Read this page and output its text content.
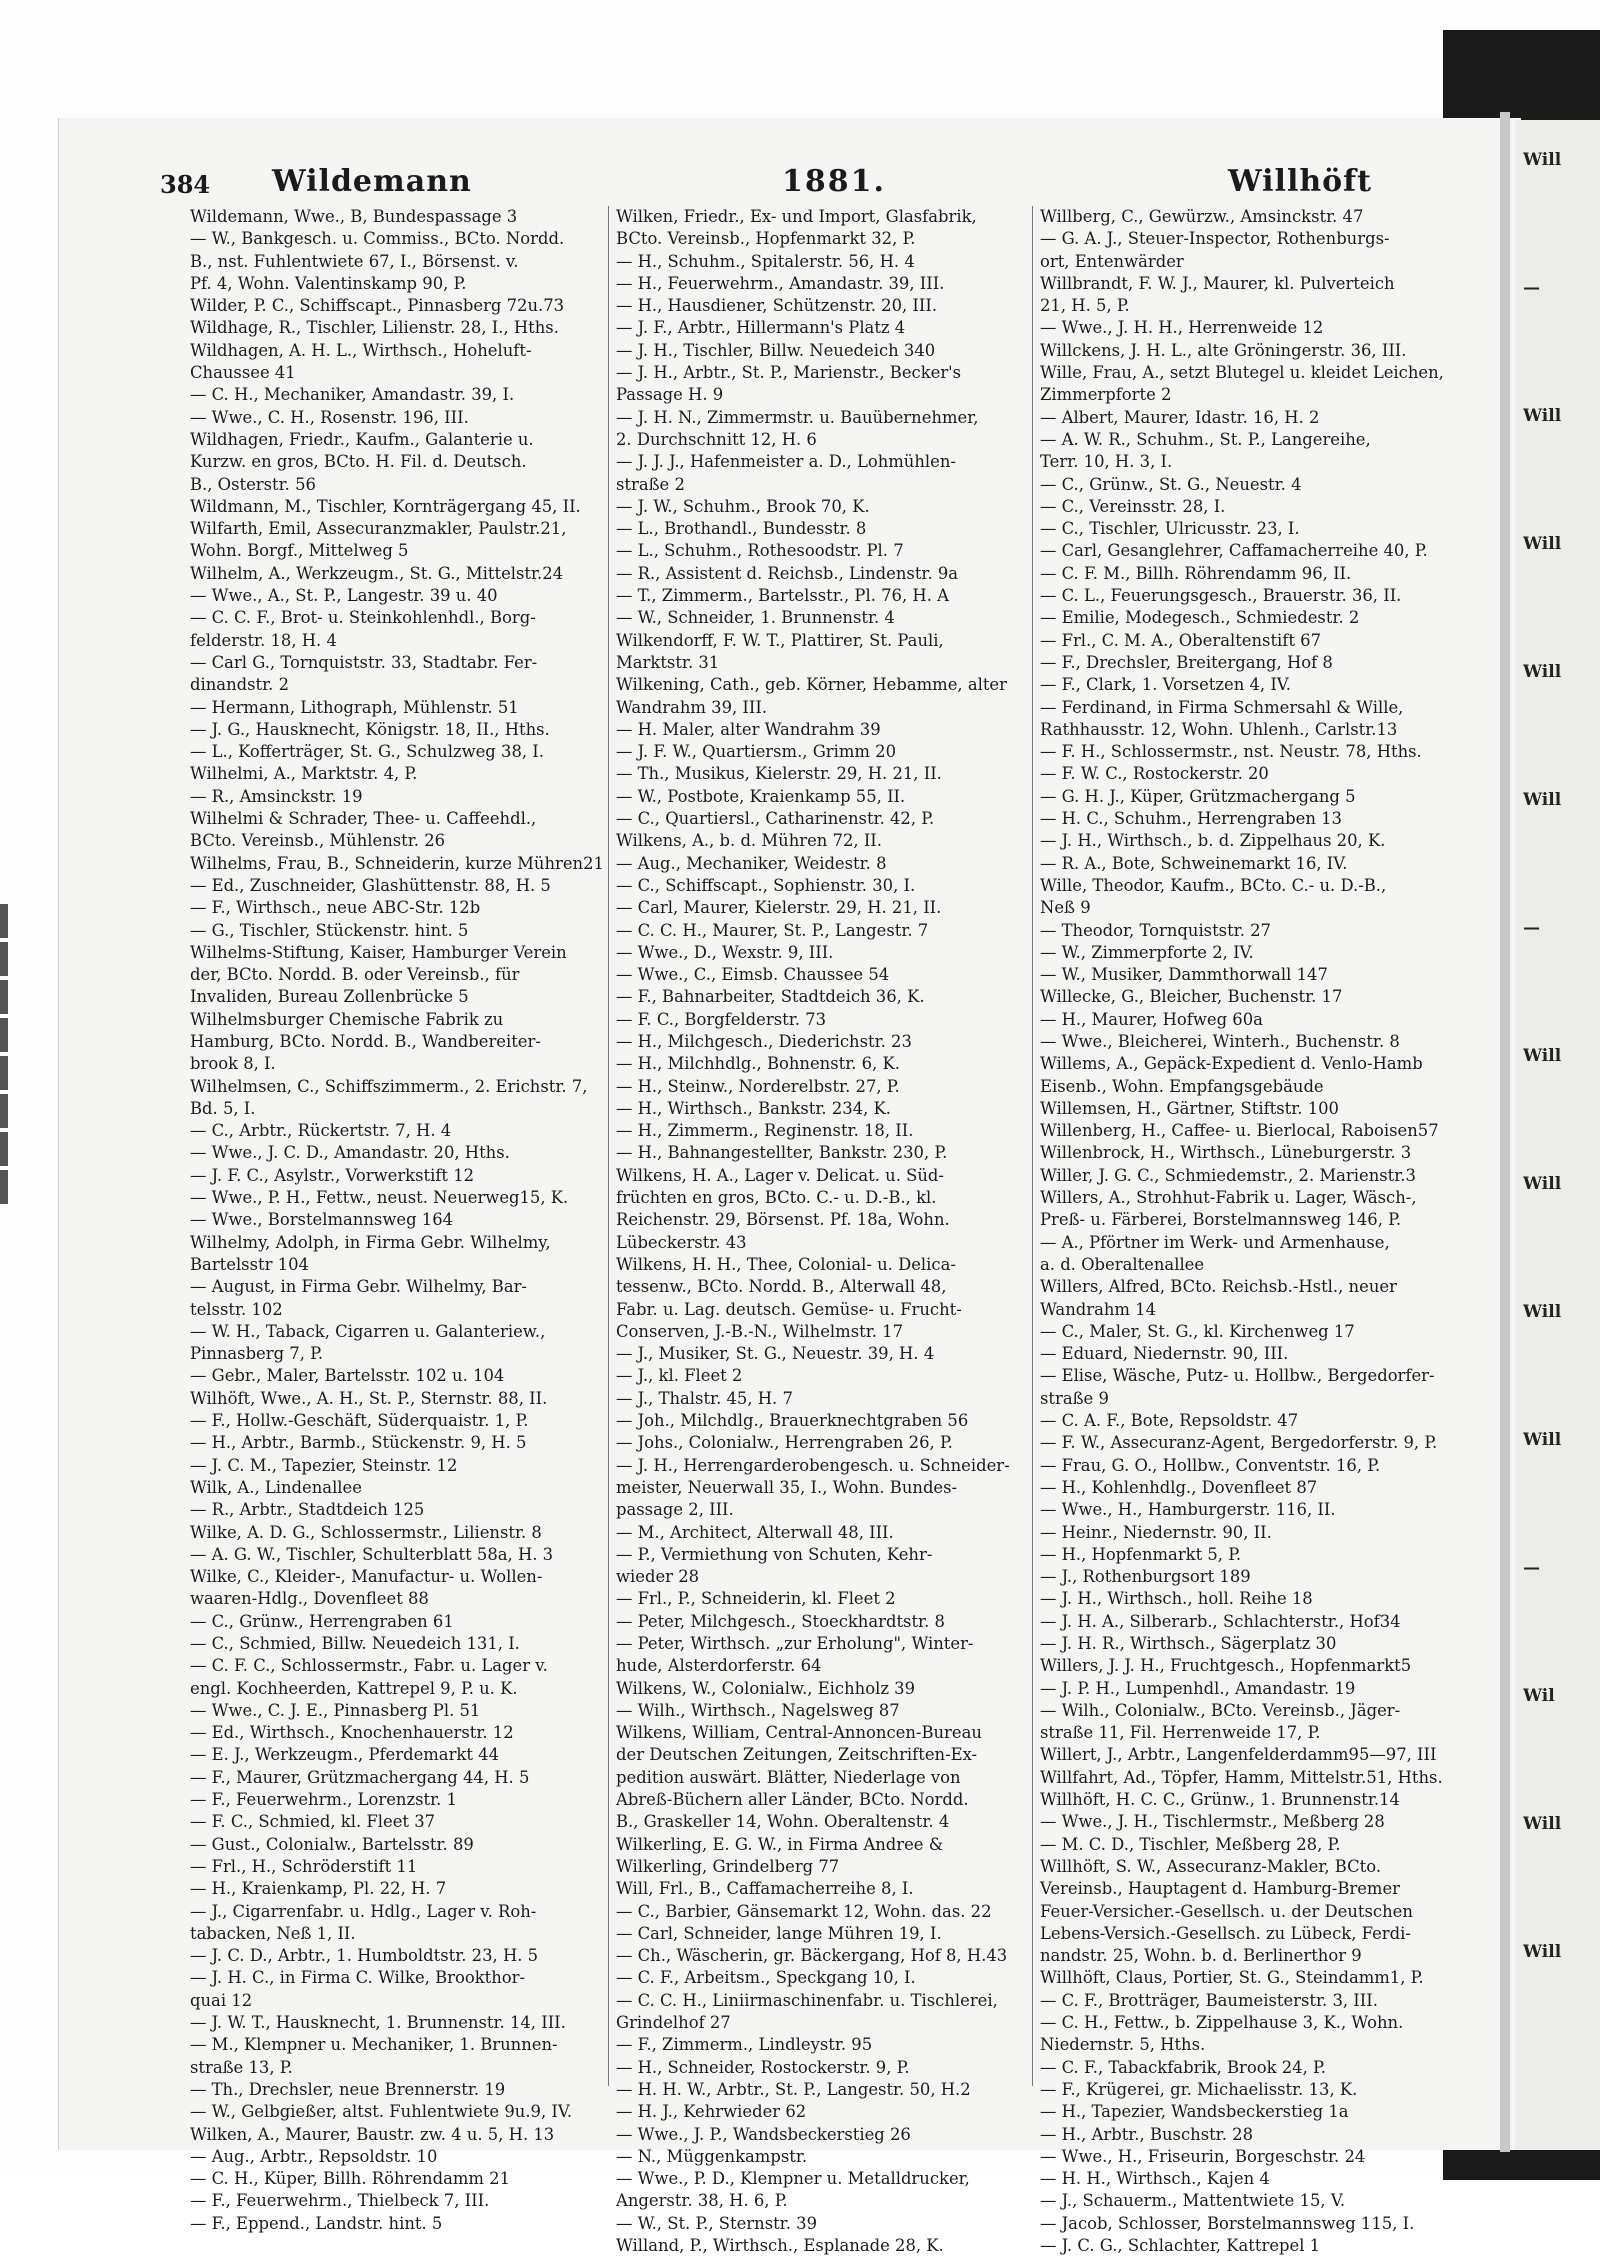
Will
—
Will
Will
Will
Will
—
Will
Will
Will
Will
—
Wil
Will
Will
384 Wildemann	1881.	Willhöft
Wildemann, Wwe., B, Bundespassage 3
— W., Bankgesch. u. Commiss., BCto. Nordd.
B., nst. Fuhlentwiete 67, I., Börsenst. v.
Pf. 4, Wohn. Valentinskamp 90, P.
Wilder, P. C., Schiffscapt., Pinnasberg 72u.73
Wildhage, R., Tischler, Lilienstr. 28, I., Hths.
Wildhagen, A. H. L., Wirthsch., Hoheluft-
Chaussee 41
— C. H., Mechaniker, Amandastr. 39, I.
— Wwe., C. H., Rosenstr. 196, III.
Wildhagen, Friedr., Kaufm., Galanterie u.
Kurzw. en gros, BCto. H. Fil. d. Deutsch.
B., Osterstr. 56
Wildmann, M., Tischler, Kornträgergang 45, II.
Wilfarth, Emil, Assecuranzmakler, Paulstr.21,
Wohn. Borgf., Mittelweg 5
Wilhelm, A., Werkzeugm., St. G., Mittelstr.24
— Wwe., A., St. P., Langestr. 39 u. 40
— C. C. F., Brot- u. Steinkohlenhdl., Borg-
felderstr. 18, H. 4
— Carl G., Tornquiststr. 33, Stadtabr. Fer-
dinandstr. 2
— Hermann, Lithograph, Mühlenstr. 51
— J. G., Hausknecht, Königstr. 18, II., Hths.
— L., Kofferträger, St. G., Schulzweg 38, I.
Wilhelmi, A., Marktstr. 4, P.
— R., Amsinckstr. 19
Wilhelmi & Schrader, Thee- u. Caffeehdl.,
BCto. Vereinsb., Mühlenstr. 26
Wilhelms, Frau, B., Schneiderin, kurze Mühren21
— Ed., Zuschneider, Glashüttenstr. 88, H. 5
— F., Wirthsch., neue ABC-Str. 12b
— G., Tischler, Stückenstr. hint. 5
Wilhelms-Stiftung, Kaiser, Hamburger Verein
der, BCto. Nordd. B. oder Vereinsb., für
Invaliden, Bureau Zollenbrücke 5
Wilhelmsburger Chemische Fabrik zu
Hamburg, BCto. Nordd. B., Wandbereiter-
brook 8, I.
Wilhelmsen, C., Schiffszimmerm., 2. Erichstr. 7,
Bd. 5, I.
— C., Arbtr., Rückertstr. 7, H. 4
— Wwe., J. C. D., Amandastr. 20, Hths.
— J. F. C., Asylstr., Vorwerkstift 12
— Wwe., P. H., Fettw., neust. Neuerweg15, K.
— Wwe., Borstelmannsweg 164
Wilhelmy, Adolph, in Firma Gebr. Wilhelmy,
Bartelsstr 104
— August, in Firma Gebr. Wilhelmy, Bar-
telsstr. 102
— W. H., Taback, Cigarren u. Galanteriew.,
Pinnasberg 7, P.
— Gebr., Maler, Bartelsstr. 102 u. 104
Wilhöft, Wwe., A. H., St. P., Sternstr. 88, II.
— F., Hollw.-Geschäft, Süderquaistr. 1, P.
— H., Arbtr., Barmb., Stückenstr. 9, H. 5
— J. C. M., Tapezier, Steinstr. 12
Wilk, A., Lindenallee
— R., Arbtr., Stadtdeich 125
Wilke, A. D. G., Schlossermstr., Lilienstr. 8
— A. G. W., Tischler, Schulterblatt 58a, H. 3
Wilke, C., Kleider-, Manufactur- u. Wollen-
waaren-Hdlg., Dovenfleet 88
— C., Grünw., Herrengraben 61
— C., Schmied, Billw. Neuedeich 131, I.
— C. F. C., Schlossermstr., Fabr. u. Lager v.
engl. Kochheerden, Kattrepel 9, P. u. K.
— Wwe., C. J. E., Pinnasberg Pl. 51
— Ed., Wirthsch., Knochenhauerstr. 12
— E. J., Werkzeugm., Pferdemarkt 44
— F., Maurer, Grützmachergang 44, H. 5
— F., Feuerwehrm., Lorenzstr. 1
— F. C., Schmied, kl. Fleet 37
— Gust., Colonialw., Bartelsstr. 89
— Frl., H., Schröderstift 11
— H., Kraienkamp, Pl. 22, H. 7
— J., Cigarrenfabr. u. Hdlg., Lager v. Roh-
tabacken, Neß 1, II.
— J. C. D., Arbtr., 1. Humboldtstr. 23, H. 5
— J. H. C., in Firma C. Wilke, Brookthor-
quai 12
— J. W. T., Hausknecht, 1. Brunnenstr. 14, III.
— M., Klempner u. Mechaniker, 1. Brunnen-
straße 13, P.
— Th., Drechsler, neue Brennerstr. 19
— W., Gelbgießer, altst. Fuhlentwiete 9u.9, IV.
Wilken, A., Maurer, Baustr. zw. 4 u. 5, H. 13
— Aug., Arbtr., Repsoldstr. 10
— C. H., Küper, Billh. Röhrendamm 21
— F., Feuerwehrm., Thielbeck 7, III.
— F., Eppend., Landstr. hint. 5
Wilken, Friedr., Ex- und Import, Glasfabrik,
BCto. Vereinsb., Hopfenmarkt 32, P.
— H., Schuhm., Spitalerstr. 56, H. 4
— H., Feuerwehrm., Amandastr. 39, III.
— H., Hausdiener, Schützenstr. 20, III.
— J. F., Arbtr., Hillermann's Platz 4
— J. H., Tischler, Billw. Neuedeich 340
— J. H., Arbtr., St. P., Marienstr., Becker's
Passage H. 9
— J. H. N., Zimmermstr. u. Bauübernehmer,
2. Durchschnitt 12, H. 6
— J. J. J., Hafenmeister a. D., Lohmühlen-
straße 2
— J. W., Schuhm., Brook 70, K.
— L., Brothandl., Bundesstr. 8
— L., Schuhm., Rothesoodstr. Pl. 7
— R., Assistent d. Reichsb., Lindenstr. 9a
— T., Zimmerm., Bartelsstr., Pl. 76, H. A
— W., Schneider, 1. Brunnenstr. 4
Wilkendorff, F. W. T., Plattirer, St. Pauli,
Marktstr. 31
Wilkening, Cath., geb. Körner, Hebamme, alter
Wandrahm 39, III.
— H. Maler, alter Wandrahm 39
— J. F. W., Quartiersm., Grimm 20
— Th., Musikus, Kielerstr. 29, H. 21, II.
— W., Postbote, Kraienkamp 55, II.
— C., Quartiersl., Catharinenstr. 42, P.
Wilkens, A., b. d. Mühren 72, II.
— Aug., Mechaniker, Weidestr. 8
— C., Schiffscapt., Sophienstr. 30, I.
— Carl, Maurer, Kielerstr. 29, H. 21, II.
— C. C. H., Maurer, St. P., Langestr. 7
— Wwe., D., Wexstr. 9, III.
— Wwe., C., Eimsb. Chaussee 54
— F., Bahnarbeiter, Stadtdeich 36, K.
— F. C., Borgfelderstr. 73
— H., Milchgesch., Diederichstr. 23
— H., Milchhdlg., Bohnenstr. 6, K.
— H., Steinw., Norderelbstr. 27, P.
— H., Wirthsch., Bankstr. 234, K.
— H., Zimmerm., Reginenstr. 18, II.
— H., Bahnangestellter, Bankstr. 230, P.
Wilkens, H. A., Lager v. Delicat. u. Süd-
früchten en gros, BCto. C.- u. D.-B., kl.
Reichenstr. 29, Börsenst. Pf. 18a, Wohn.
Lübeckerstr. 43
Wilkens, H. H., Thee, Colonial- u. Delica-
tessenw., BCto. Nordd. B., Alterwall 48,
Fabr. u. Lag. deutsch. Gemüse- u. Frucht-
Conserven, J.-B.-N., Wilhelmstr. 17
— J., Musiker, St. G., Neuestr. 39, H. 4
— J., kl. Fleet 2
— J., Thalstr. 45, H. 7
— Joh., Milchdlg., Brauerknechtgraben 56
— Johs., Colonialw., Herrengraben 26, P.
— J. H., Herrengarderobengesch. u. Schneider-
meister, Neuerwall 35, I., Wohn. Bundes-
passage 2, III.
— M., Architect, Alterwall 48, III.
— P., Vermiethung von Schuten, Kehr-
wieder 28
— Frl., P., Schneiderin, kl. Fleet 2
— Peter, Milchgesch., Stoeckhardtstr. 8
— Peter, Wirthsch. „zur Erholung", Winter-
hude, Alsterdorferstr. 64
Wilkens, W., Colonialw., Eichholz 39
— Wilh., Wirthsch., Nagelsweg 87
Wilkens, William, Central-Annoncen-Bureau
der Deutschen Zeitungen, Zeitschriften-Ex-
pedition auswärt. Blätter, Niederlage von
Abreß-Büchern aller Länder, BCto. Nordd.
B., Graskeller 14, Wohn. Oberaltenstr. 4
Wilkerling, E. G. W., in Firma Andree &
Wilkerling, Grindelberg 77
Will, Frl., B., Caffamacherreihe 8, I.
— C., Barbier, Gänsemarkt 12, Wohn. das. 22
— Carl, Schneider, lange Mühren 19, I.
— Ch., Wäscherin, gr. Bäckergang, Hof 8, H.43
— C. F., Arbeitsm., Speckgang 10, I.
— C. C. H., Liniirmaschinenfabr. u. Tischlerei,
Grindelhof 27
— F., Zimmerm., Lindleystr. 95
— H., Schneider, Rostockerstr. 9, P.
— H. H. W., Arbtr., St. P., Langestr. 50, H.2
— H. J., Kehrwieder 62
— Wwe., J. P., Wandsbeckerstieg 26
— N., Müggenkampstr.
— Wwe., P. D., Klempner u. Metalldrucker,
Angerstr. 38, H. 6, P.
— W., St. P., Sternstr. 39
Willand, P., Wirthsch., Esplanade 28, K.
Willberg, C., Gewürzw., Amsinckstr. 47
— G. A. J., Steuer-Inspector, Rothenburgs-
ort, Entenwärder
Willbrandt, F. W. J., Maurer, kl. Pulverteich
21, H. 5, P.
— Wwe., J. H. H., Herrenweide 12
Willckens, J. H. L., alte Gröningerstr. 36, III.
Wille, Frau, A., setzt Blutegel u. kleidet Leichen,
Zimmerpforte 2
— Albert, Maurer, Idastr. 16, H. 2
— A. W. R., Schuhm., St. P., Langereihe,
Terr. 10, H. 3, I.
— C., Grünw., St. G., Neuestr. 4
— C., Vereinsstr. 28, I.
— C., Tischler, Ulricusstr. 23, I.
— Carl, Gesanglehrer, Caffamacherreihe 40, P.
— C. F. M., Billh. Röhrendamm 96, II.
— C. L., Feuerungsgesch., Brauerstr. 36, II.
— Emilie, Modegesch., Schmiedestr. 2
— Frl., C. M. A., Oberaltenstift 67
— F., Drechsler, Breitergang, Hof 8
— F., Clark, 1. Vorsetzen 4, IV.
— Ferdinand, in Firma Schmersahl & Wille,
Rathhausstr. 12, Wohn. Uhlenh., Carlstr.13
— F. H., Schlossermstr., nst. Neustr. 78, Hths.
— F. W. C., Rostockerstr. 20
— G. H. J., Küper, Grützmachergang 5
— H. C., Schuhm., Herrengraben 13
— J. H., Wirthsch., b. d. Zippelhaus 20, K.
— R. A., Bote, Schweinemarkt 16, IV.
Wille, Theodor, Kaufm., BCto. C.- u. D.-B.,
Neß 9
— Theodor, Tornquiststr. 27
— W., Zimmerpforte 2, IV.
— W., Musiker, Dammthorwall 147
Willecke, G., Bleicher, Buchenstr. 17
— H., Maurer, Hofweg 60a
— Wwe., Bleicherei, Winterh., Buchenstr. 8
Willems, A., Gepäck-Expedient d. Venlo-Hamb
Eisenb., Wohn. Empfangsgebäude
Willemsen, H., Gärtner, Stiftstr. 100
Willenberg, H., Caffee- u. Bierlocal, Raboisen57
Willenbrock, H., Wirthsch., Lüneburgerstr. 3
Willer, J. G. C., Schmiedemstr., 2. Marienstr.3
Willers, A., Strohhut-Fabrik u. Lager, Wäsch-,
Preß- u. Färberei, Borstelmannsweg 146, P.
— A., Pförtner im Werk- und Armenhause,
a. d. Oberaltenallee
Willers, Alfred, BCto. Reichsb.-Hstl., neuer
Wandrahm 14
— C., Maler, St. G., kl. Kirchenweg 17
— Eduard, Niedernstr. 90, III.
— Elise, Wäsche, Putz- u. Hollbw., Bergedorfer-
straße 9
— C. A. F., Bote, Repsoldstr. 47
— F. W., Assecuranz-Agent, Bergedorferstr. 9, P.
— Frau, G. O., Hollbw., Conventstr. 16, P.
— H., Kohlenhdlg., Dovenfleet 87
— Wwe., H., Hamburgerstr. 116, II.
— Heinr., Niedernstr. 90, II.
— H., Hopfenmarkt 5, P.
— J., Rothenburgsort 189
— J. H., Wirthsch., holl. Reihe 18
— J. H. A., Silberarb., Schlachterstr., Hof34
— J. H. R., Wirthsch., Sägerplatz 30
Willers, J. J. H., Fruchtgesch., Hopfenmarkt5
— J. P. H., Lumpenhdl., Amandastr. 19
— Wilh., Colonialw., BCto. Vereinsb., Jäger-
straße 11, Fil. Herrenweide 17, P.
Willert, J., Arbtr., Langenfelderdamm95—97, III
Willfahrt, Ad., Töpfer, Hamm, Mittelstr.51, Hths.
Willhöft, H. C. C., Grünw., 1. Brunnenstr.14
— Wwe., J. H., Tischlermstr., Meßberg 28
— M. C. D., Tischler, Meßberg 28, P.
Willhöft, S. W., Assecuranz-Makler, BCto.
Vereinsb., Hauptagent d. Hamburg-Bremer
Feuer-Versicher.-Gesellsch. u. der Deutschen
Lebens-Versich.-Gesellsch. zu Lübeck, Ferdi-
nandstr. 25, Wohn. b. d. Berlinerthor 9
Willhöft, Claus, Portier, St. G., Steindamm1, P.
— C. F., Brotträger, Baumeisterstr. 3, III.
— C. H., Fettw., b. Zippelhause 3, K., Wohn.
Niedernstr. 5, Hths.
— C. F., Tabackfabrik, Brook 24, P.
— F., Krügerei, gr. Michaelisstr. 13, K.
— H., Tapezier, Wandsbeckerstieg 1a
— H., Arbtr., Buschstr. 28
— Wwe., H., Friseurin, Borgeschstr. 24
— H. H., Wirthsch., Kajen 4
— J., Schauerm., Mattentwiete 15, V.
— Jacob, Schlosser, Borstelmannsweg 115, I.
— J. C. G., Schlachter, Kattrepel 1
